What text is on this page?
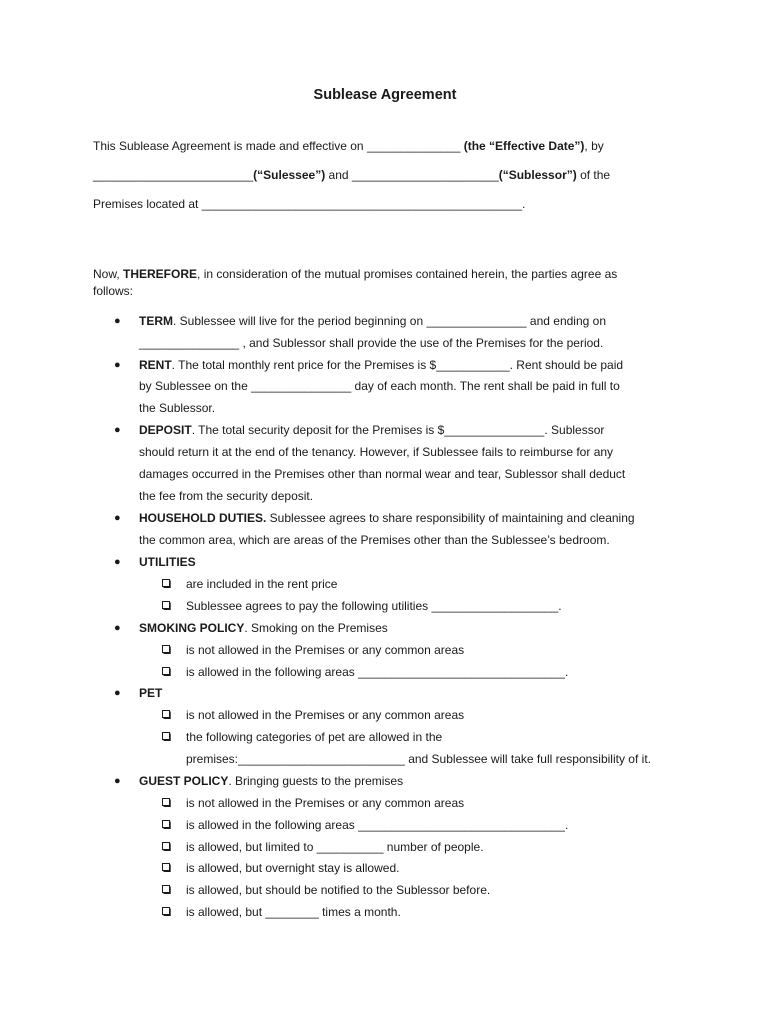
Sublease Agreement
This Sublease Agreement is made and effective on ______________ (the “Effective Date”), by
________________________(“Sulessee”) and ______________________(“Sublessor”) of the
Premises located at ________________________________________________.
Now, THEREFORE, in consideration of the mutual promises contained herein, the parties agree as
follows:
● TERM. Sublessee will live for the period beginning on _______________ and ending on
_______________ , and Sublessor shall provide the use of the Premises for the period.
● RENT. The total monthly rent price for the Premises is $___________. Rent should be paid
by Sublessee on the _______________ day of each month. The rent shall be paid in full to
the Sublessor.
● DEPOSIT. The total security deposit for the Premises is $_______________. Sublessor
should return it at the end of the tenancy. However, if Sublessee fails to reimburse for any
damages occurred in the Premises other than normal wear and tear, Sublessor shall deduct
the fee from the security deposit.
● HOUSEHOLD DUTIES. Sublessee agrees to share responsibility of maintaining and cleaning
the common area, which are areas of the Premises other than the Sublessee’s bedroom.
● UTILITIES
are included in the rent price
Sublessee agrees to pay the following utilities ___________________.
● SMOKING POLICY. Smoking on the Premises
is not allowed in the Premises or any common areas
is allowed in the following areas _______________________________.
● PET
is not allowed in the Premises or any common areas
the following categories of pet are allowed in the
premises:_________________________ and Sublessee will take full responsibility of it.
● GUEST POLICY. Bringing guests to the premises
is not allowed in the Premises or any common areas
is allowed in the following areas _______________________________.
is allowed, but limited to __________ number of people.
is allowed, but overnight stay is allowed.
is allowed, but should be notified to the Sublessor before.
is allowed, but ________ times a month.
